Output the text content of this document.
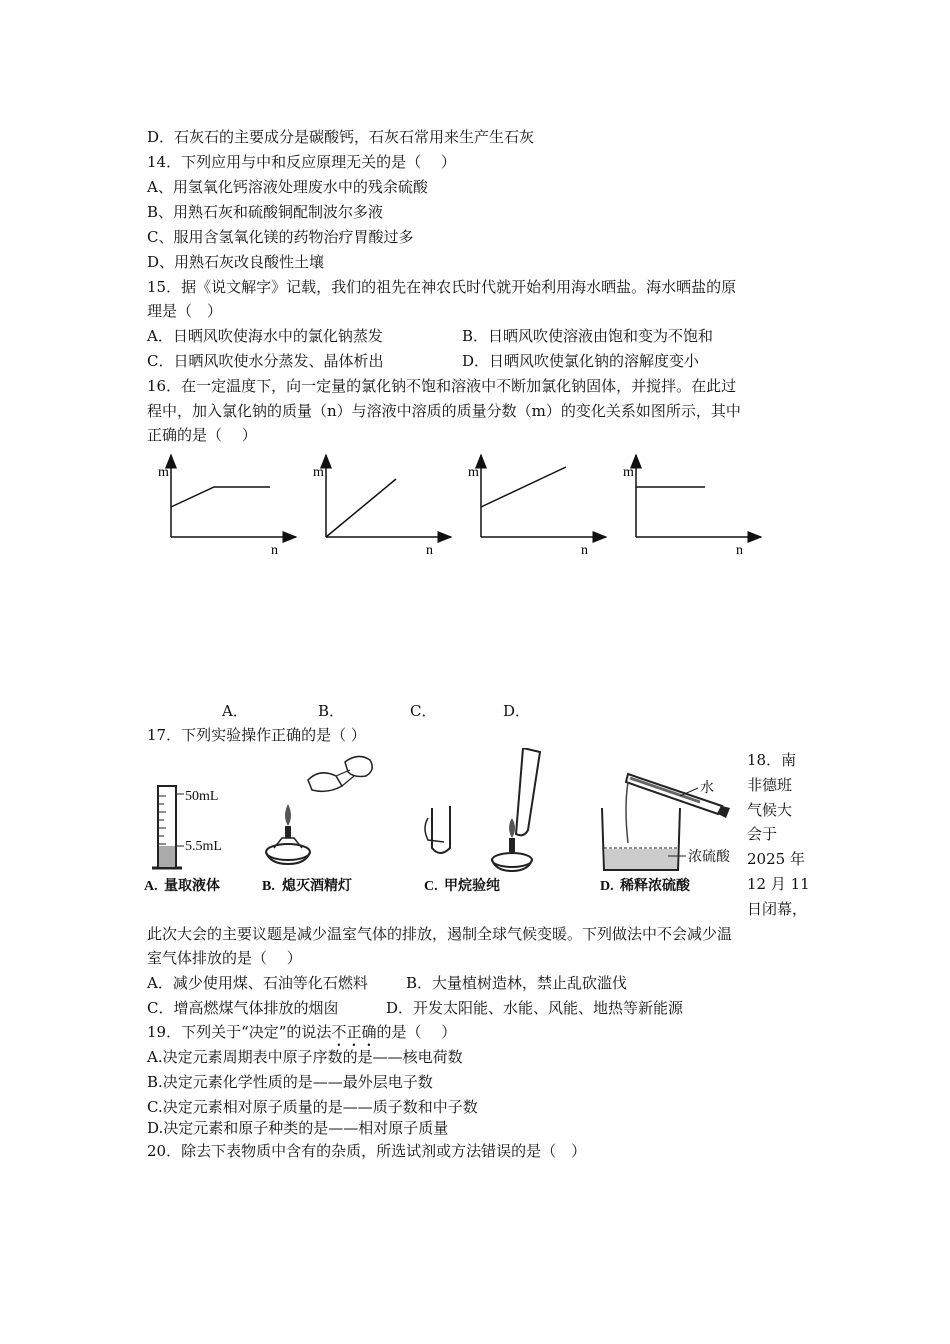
D．石灰石的主要成分是碳酸钙，石灰石常用来生产生石灰
14．下列应用与中和反应原理无关的是（　 ）
A、用氢氧化钙溶液处理废水中的残余硫酸
B、用熟石灰和硫酸铜配制波尔多液
C、服用含氢氧化镁的药物治疗胃酸过多
D、用熟石灰改良酸性土壤
15．据《说文解字》记载，我们的祖先在神农氏时代就开始利用海水晒盐。海水晒盐的原
理是（　）
A．日晒风吹使海水中的氯化钠蒸发	B．日晒风吹使溶液由饱和变为不饱和
C．日晒风吹使水分蒸发、晶体析出	D．日晒风吹使氯化钠的溶解度变小
16．在一定温度下，向一定量的氯化钠不饱和溶液中不断加氯化钠固体，并搅拌。在此过
程中，加入氯化钠的质量（n）与溶液中溶质的质量分数（m）的变化关系如图所示，其中
正确的是（　 ）
m
n
m
n
m
n
m
n
A．	B．	C．	D．
17．下列实验操作正确的是（ ）
50mL
5.5mL
水
浓硫酸
A. 量取液体	B. 熄灭酒精灯	C. 甲烷验纯	D. 稀释浓硫酸
18．南
非德班
气候大
会于
2025 年
12 月 11
日闭幕，
此次大会的主要议题是减少温室气体的排放，遏制全球气候变暖。下列做法中不会减少温
室气体排放的是（　 ）
A．减少使用煤、石油等化石燃料	B．大量植树造林，禁止乱砍滥伐
C．增高燃煤气体排放的烟囱	D．开发太阳能、水能、风能、地热等新能源
19．下列关于“决定”的说法不正确的是（　 ）
A.决定元素周期表中原子序数的是——核电荷数
B.决定元素化学性质的是——最外层电子数
C.决定元素相对原子质量的是——质子数和中子数
D.决定元素和原子种类的是——相对原子质量
20．除去下表物质中含有的杂质，所选试剂或方法错误的是（　）
